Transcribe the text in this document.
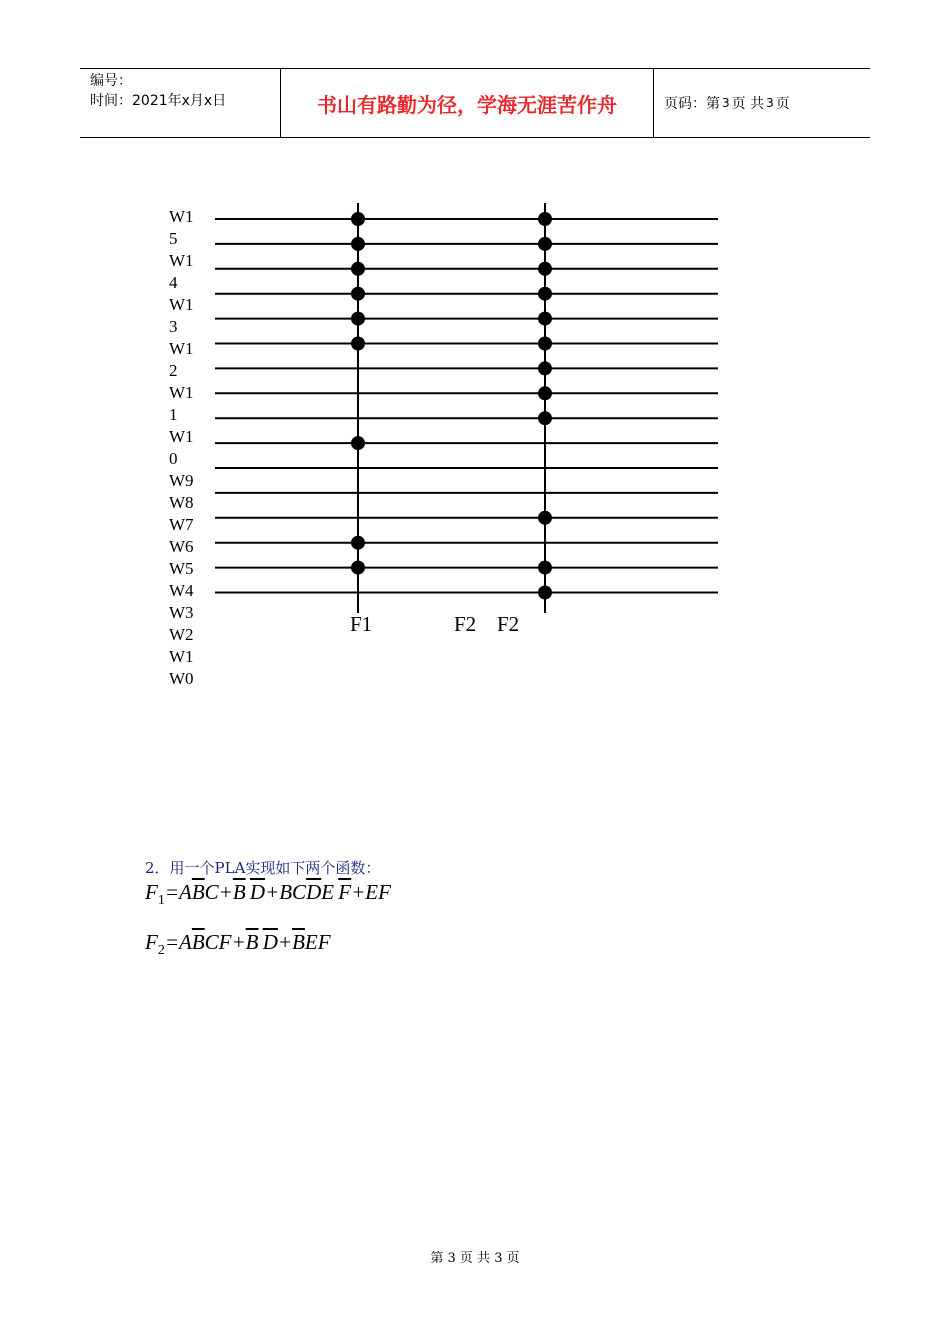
编号：
时间：2021年x月x日	书山有路勤为径，学海无涯苦作舟	页码：第 3 页 共 3 页
W1
5
W1
4
W1
3
W1
2
W1
1
W1
0
W9
W8
W7
W6
W5
W4
W3
W2
W1
W0
F1	F2 F2
2．用一个PLA实现如下两个函数：
$F_1=A\overline{B}C+\overline{B}$  $\overline{D}+BC\overline{D}E$ $\overline{F}+EF$
$F_2=A\overline{B}CF+\overline{B}$  $\overline{D}+\overline{B}EF$
第 3 页 共 3 页
